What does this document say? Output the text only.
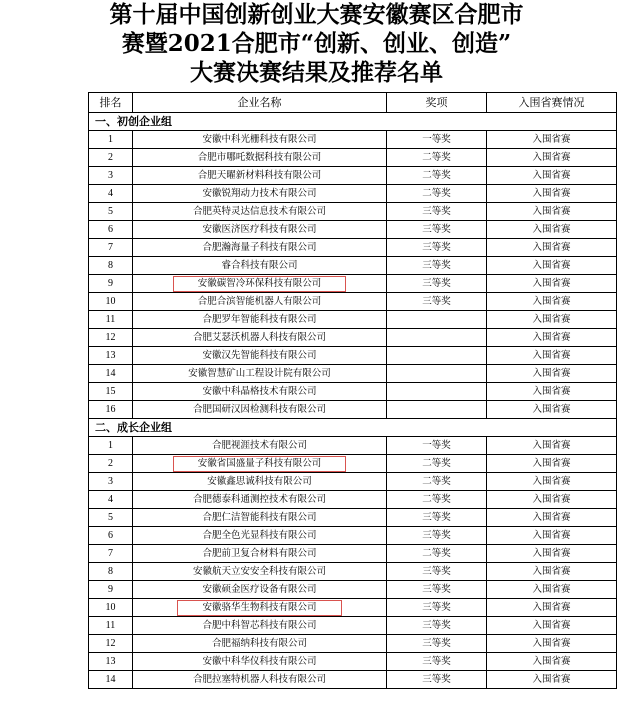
第十届中国创新创业大赛安徽赛区合肥市
赛暨2021合肥市“创新、创业、创造”
大赛决赛结果及推荐名单
排名	企业名称	奖项	入围省赛情况
一、初创企业组			
1	安徽中科光栅科技有限公司	一等奖	入围省赛
2	合肥市哪吒数据科技有限公司	二等奖	入围省赛
3	合肥天曜新材料科技有限公司	二等奖	入围省赛
4	安徽锐翔动力技术有限公司	二等奖	入围省赛
5	合肥英特灵达信息技术有限公司	三等奖	入围省赛
6	安徽医济医疗科技有限公司	三等奖	入围省赛
7	合肥瀚海量子科技有限公司	三等奖	入围省赛
8	睿合科技有限公司	三等奖	入围省赛
9	安徽碳智冷环保科技有限公司	三等奖	入围省赛
10	合肥合滨智能机器人有限公司	三等奖	入围省赛
11	合肥罗年智能科技有限公司		入围省赛
12	合肥艾瑟沃机器人科技有限公司		入围省赛
13	安徽汉先智能科技有限公司		入围省赛
14	安徽智慧矿山工程设计院有限公司		入围省赛
15	安徽中科晶格技术有限公司		入围省赛
16	合肥国研汉因检测科技有限公司		入围省赛
二、成长企业组			
1	合肥视涯技术有限公司	一等奖	入围省赛
2	安徽省国盛量子科技有限公司	二等奖	入围省赛
3	安徽鑫思诚科技有限公司	二等奖	入围省赛
4	合肥德泰科通测控技术有限公司	二等奖	入围省赛
5	合肥仁洁智能科技有限公司	三等奖	入围省赛
6	合肥全色光显科技有限公司	三等奖	入围省赛
7	合肥前卫复合材料有限公司	二等奖	入围省赛
8	安徽航天立安安全科技有限公司	三等奖	入围省赛
9	安徽硕金医疗设备有限公司	三等奖	入围省赛
10	安徽骆华生物科技有限公司	三等奖	入围省赛
11	合肥中科智芯科技有限公司	三等奖	入围省赛
12	合肥福纳科技有限公司	三等奖	入围省赛
13	安徽中科华仪科技有限公司	三等奖	入围省赛
14	合肥拉塞特机器人科技有限公司	三等奖	入围省赛
